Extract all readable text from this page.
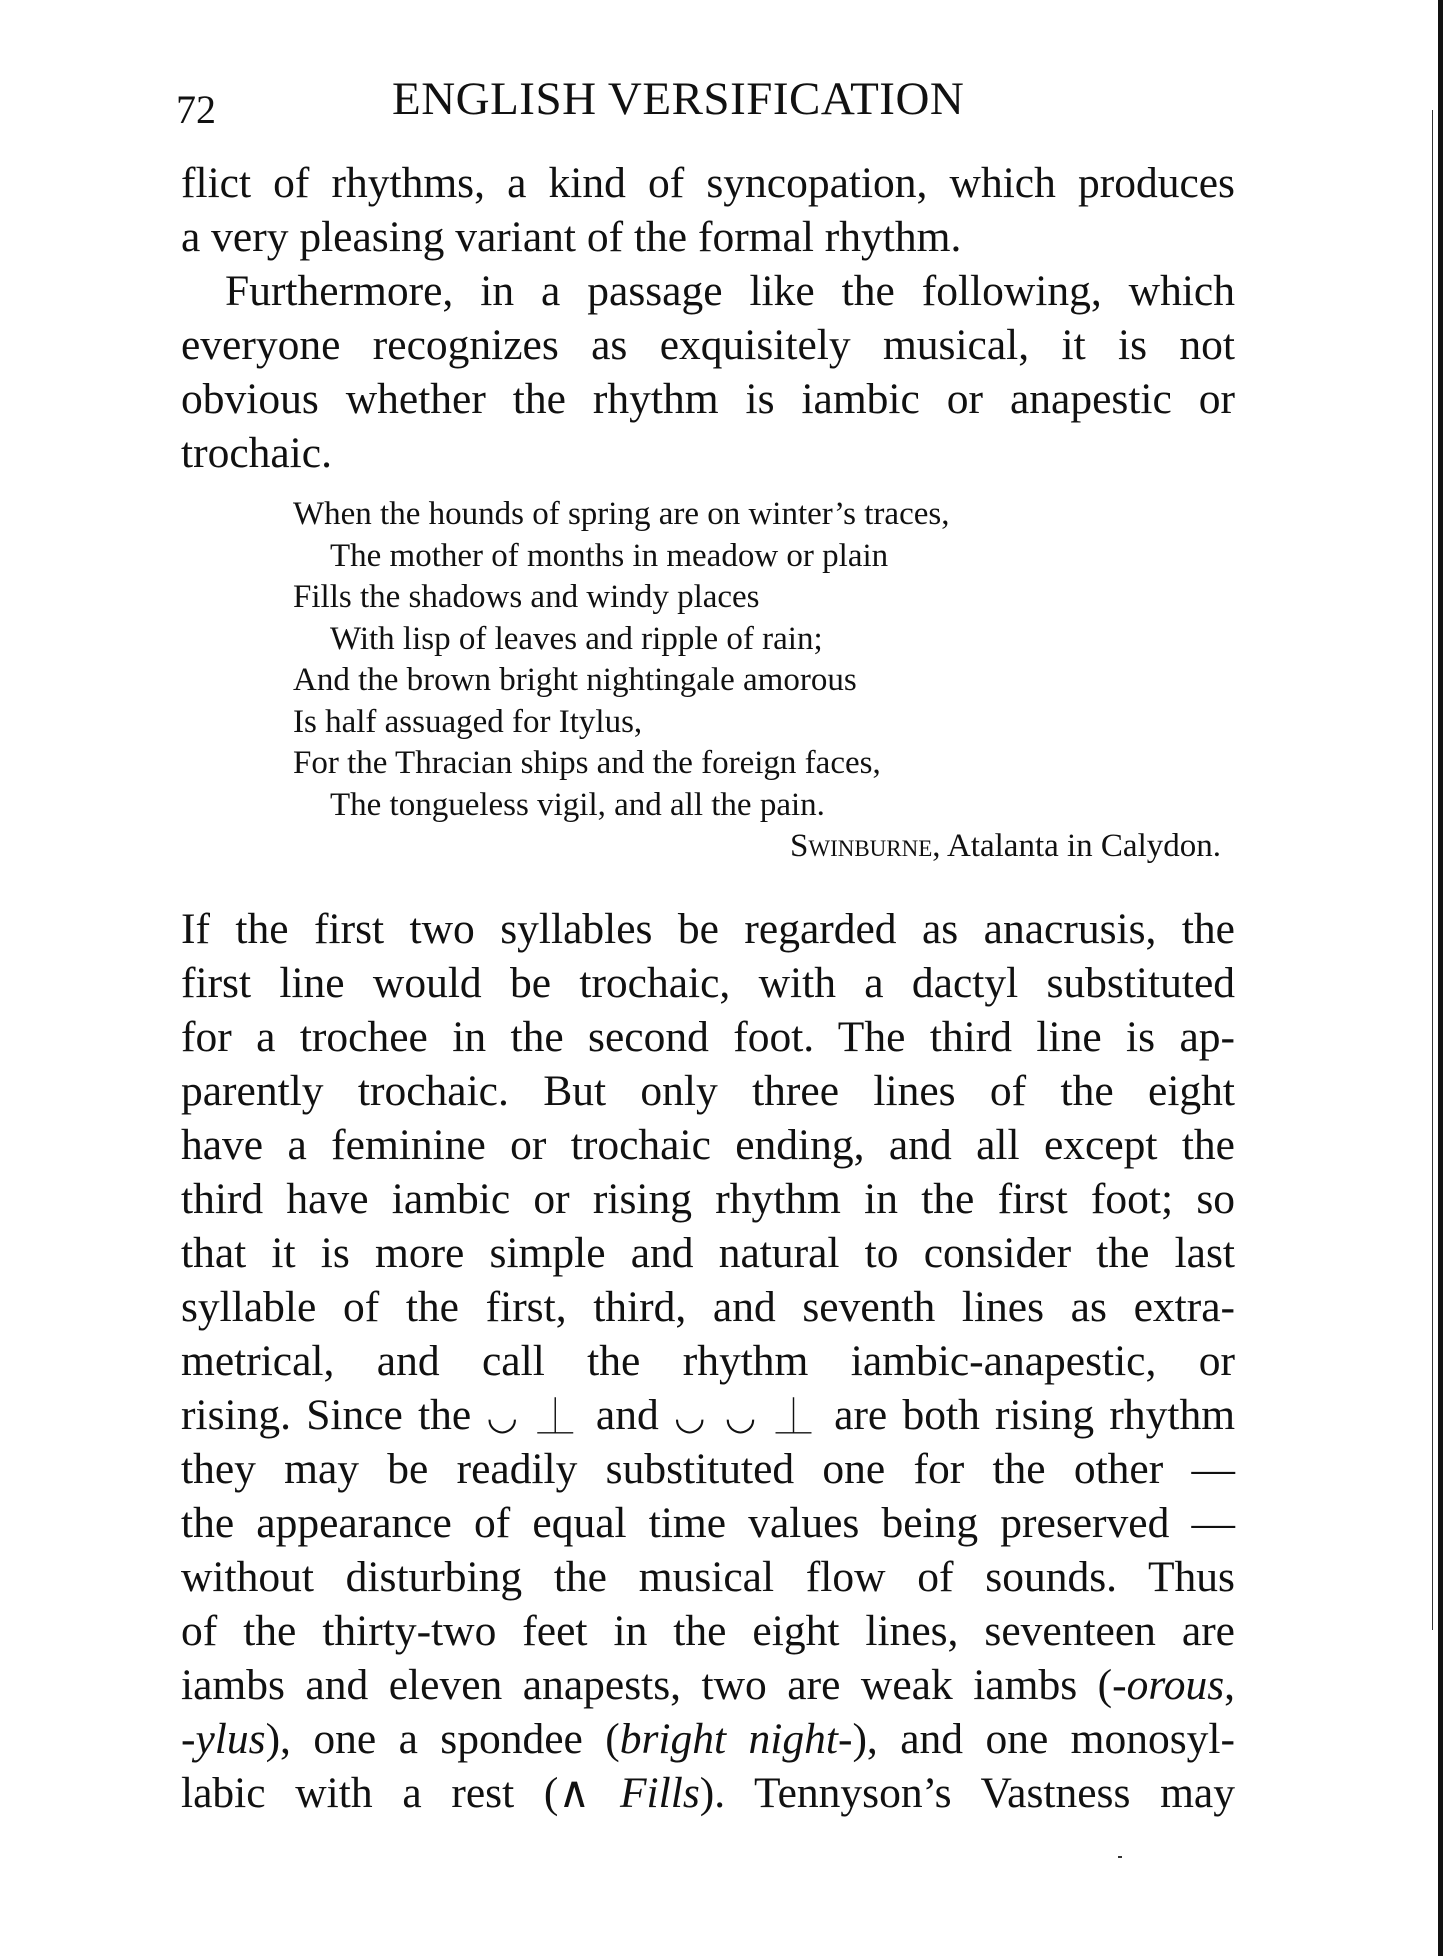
72	ENGLISH VERSIFICATION
flict of rhythms, a kind of syncopation, which produces
a very pleasing variant of the formal rhythm.
Furthermore, in a passage like the following, which
everyone recognizes as exquisitely musical, it is not
obvious whether the rhythm is iambic or anapestic or
trochaic.
When the hounds of spring are on winter’s traces,
The mother of months in meadow or plain
Fills the shadows and windy places
With lisp of leaves and ripple of rain;
And the brown bright nightingale amorous
Is half assuaged for Itylus,
For the Thracian ships and the foreign faces,
The tongueless vigil, and all the pain.
Swinburne, Atalanta in Calydon.
If the first two syllables be regarded as anacrusis, the
first line would be trochaic, with a dactyl substituted
for a trochee in the second foot. The third line is ap-
parently trochaic. But only three lines of the eight
have a feminine or trochaic ending, and all except the
third have iambic or rising rhythm in the first foot; so
that it is more simple and natural to consider the last
syllable of the first, third, and seventh lines as extra-
metrical, and call the rhythm iambic-anapestic, or
rising. Since the ◡ ⏊ and ◡ ◡ ⏊ are both rising rhythm
they may be readily substituted one for the other —
the appearance of equal time values being preserved —
without disturbing the musical flow of sounds. Thus
of the thirty-two feet in the eight lines, seventeen are
iambs and eleven anapests, two are weak iambs (-orous,
-ylus), one a spondee (bright night-), and one monosyl-
labic with a rest (∧ Fills). Tennyson’s Vastness may
